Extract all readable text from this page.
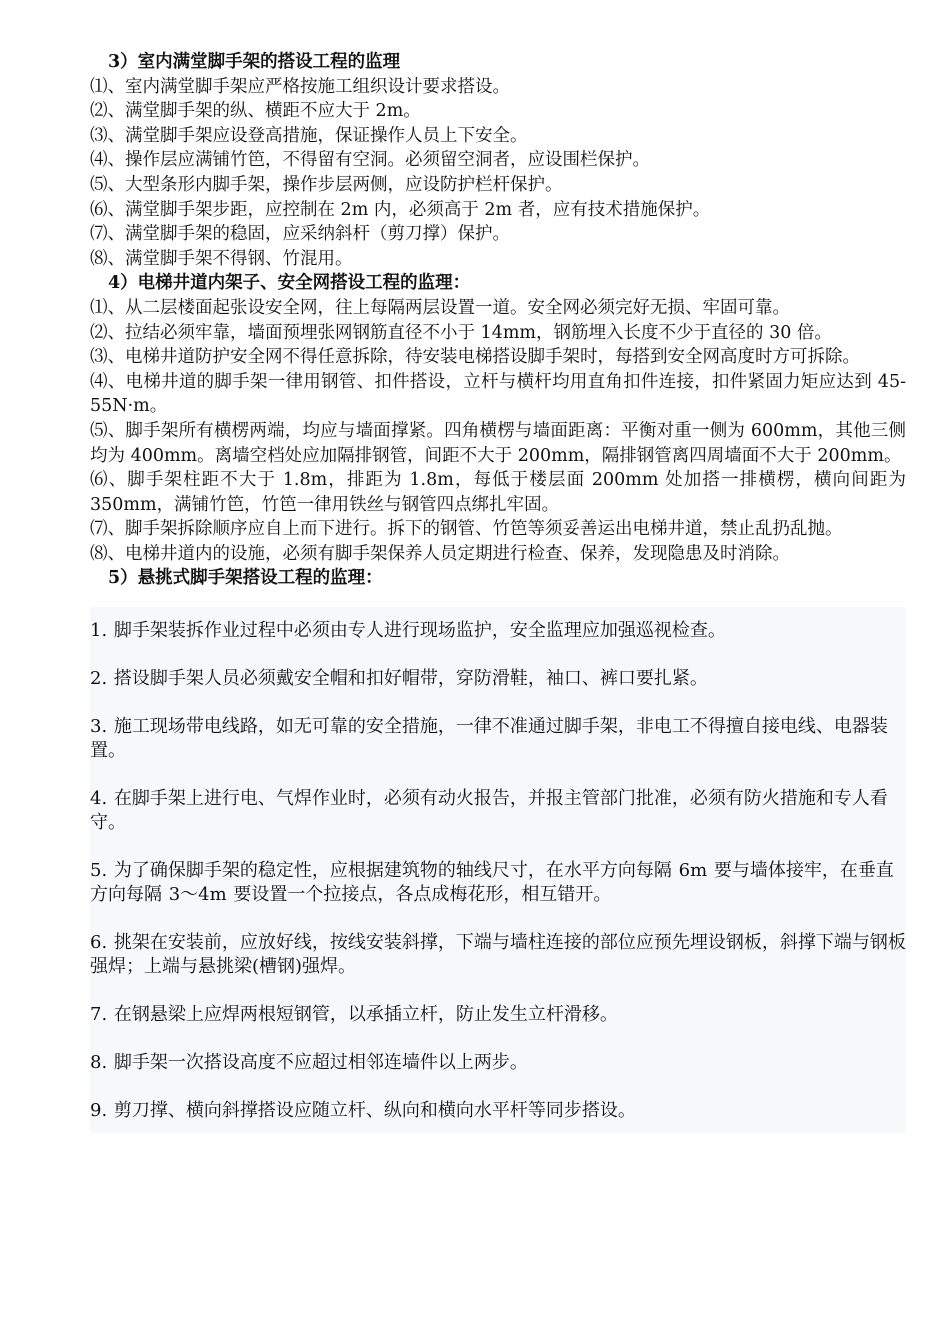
3）室内满堂脚手架的搭设工程的监理
⑴、室内满堂脚手架应严格按施工组织设计要求搭设。
⑵、满堂脚手架的纵、横距不应大于 2m。
⑶、满堂脚手架应设登高措施，保证操作人员上下安全。
⑷、操作层应满铺竹笆，不得留有空洞。必须留空洞者，应设围栏保护。
⑸、大型条形内脚手架，操作步层两侧，应设防护栏杆保护。
⑹、满堂脚手架步距，应控制在 2m 内，必须高于 2m 者，应有技术措施保护。
⑺、满堂脚手架的稳固，应采纳斜杆（剪刀撑）保护。
⑻、满堂脚手架不得钢、竹混用。
4）电梯井道内架子、安全网搭设工程的监理：
⑴、从二层楼面起张设安全网，往上每隔两层设置一道。安全网必须完好无损、牢固可靠。
⑵、拉结必须牢靠，墙面预埋张网钢筋直径不小于 14mm，钢筋埋入长度不少于直径的 30 倍。
⑶、电梯井道防护安全网不得任意拆除，待安装电梯搭设脚手架时，每搭到安全网高度时方可拆除。
⑷、电梯井道的脚手架一律用钢管、扣件搭设，立杆与横杆均用直角扣件连接，扣件紧固力矩应达到 45-55N·m。
⑸、脚手架所有横楞两端，均应与墙面撑紧。四角横楞与墙面距离：平衡对重一侧为 600mm，其他三侧均为 400mm。离墙空档处应加隔排钢管，间距不大于 200mm，隔排钢管离四周墙面不大于 200mm。
⑹、脚手架柱距不大于 1.8m，排距为 1.8m，每低于楼层面 200mm 处加搭一排横楞，横向间距为 350mm，满铺竹笆，竹笆一律用铁丝与钢管四点绑扎牢固。
⑺、脚手架拆除顺序应自上而下进行。拆下的钢管、竹笆等须妥善运出电梯井道，禁止乱扔乱抛。
⑻、电梯井道内的设施，必须有脚手架保养人员定期进行检查、保养，发现隐患及时消除。
5）悬挑式脚手架搭设工程的监理：
1. 脚手架装拆作业过程中必须由专人进行现场监护，安全监理应加强巡视检查。
2. 搭设脚手架人员必须戴安全帽和扣好帽带，穿防滑鞋，袖口、裤口要扎紧。
3. 施工现场带电线路，如无可靠的安全措施，一律不准通过脚手架，非电工不得擅自接电线、电器装置。
4. 在脚手架上进行电、气焊作业时，必须有动火报告，并报主管部门批准，必须有防火措施和专人看守。
5. 为了确保脚手架的稳定性，应根据建筑物的轴线尺寸，在水平方向每隔 6m 要与墙体接牢，在垂直方向每隔 3～4m 要设置一个拉接点，各点成梅花形，相互错开。
6. 挑架在安装前，应放好线，按线安装斜撑，下端与墙柱连接的部位应预先埋设钢板，斜撑下端与钢板强焊；上端与悬挑梁(槽钢)强焊。
7. 在钢悬梁上应焊两根短钢管，以承插立杆，防止发生立杆滑移。
8. 脚手架一次搭设高度不应超过相邻连墙件以上两步。
9. 剪刀撑、横向斜撑搭设应随立杆、纵向和横向水平杆等同步搭设。
